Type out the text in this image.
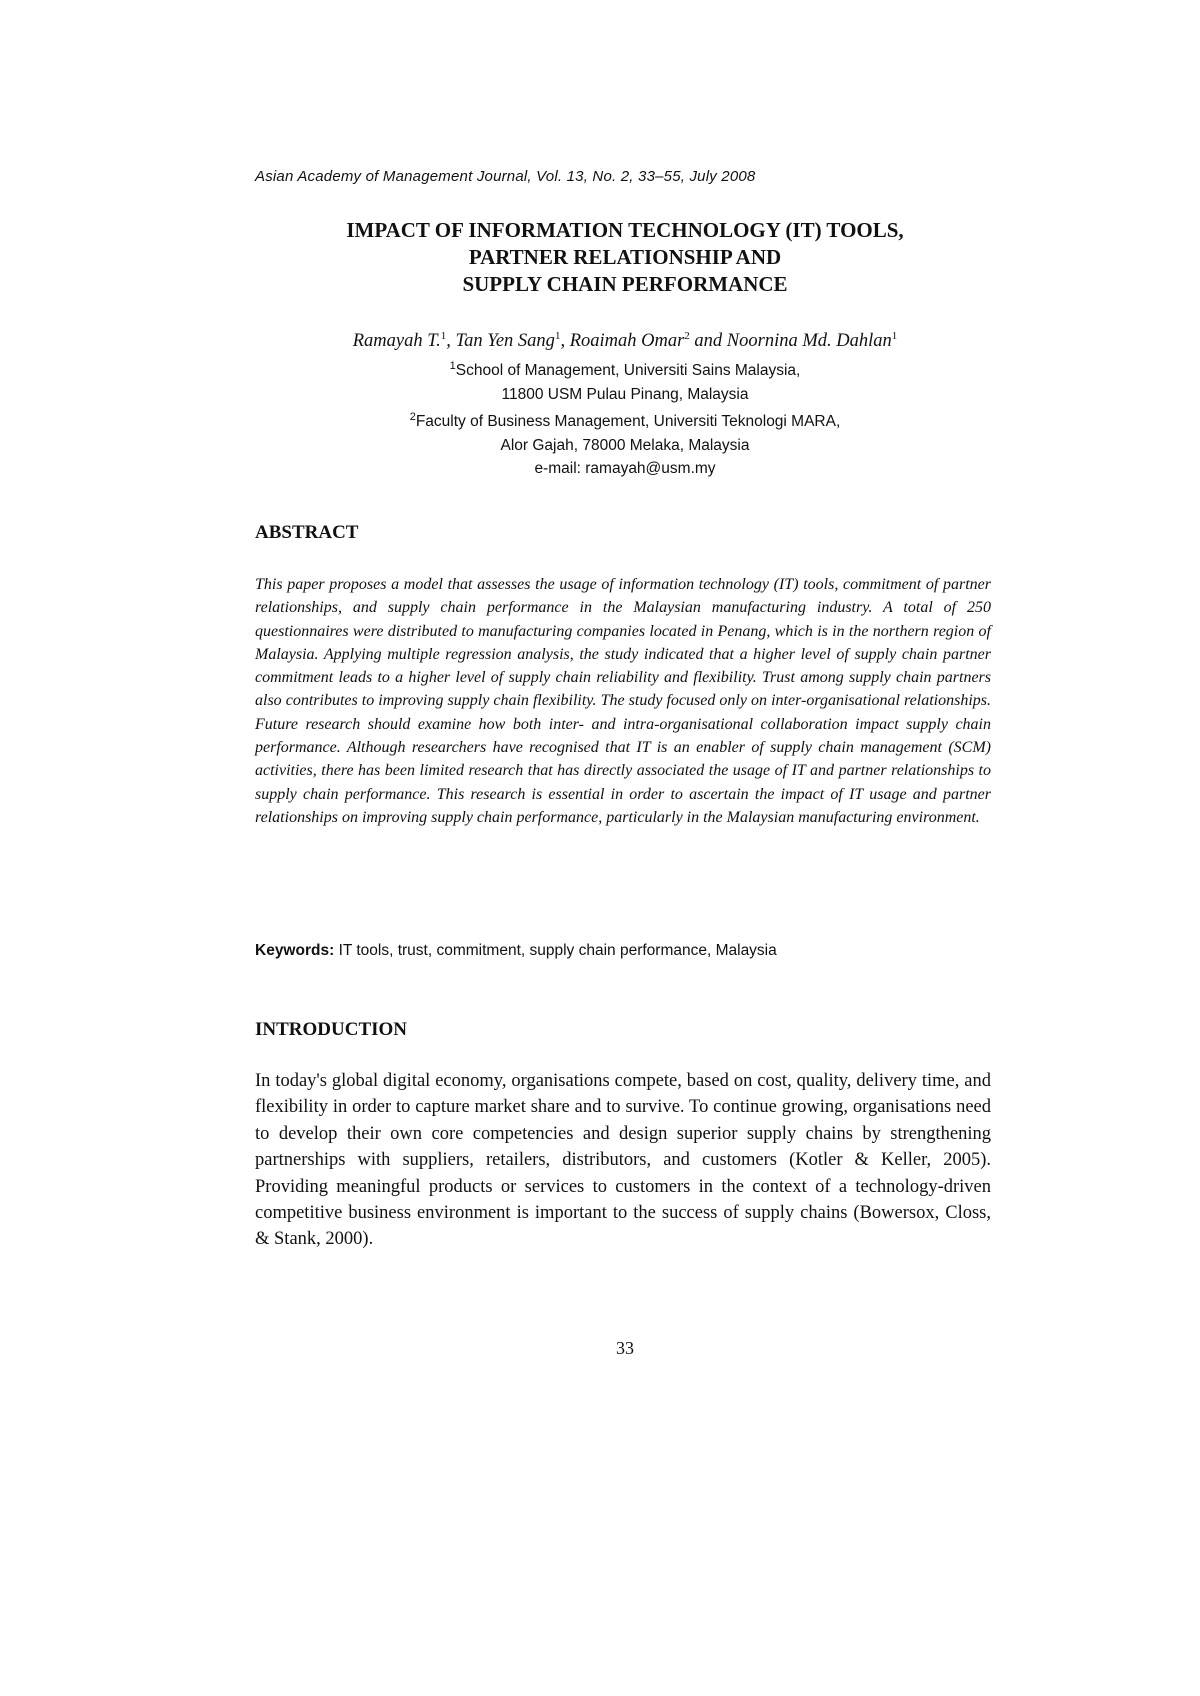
Asian Academy of Management Journal, Vol. 13, No. 2, 33–55, July 2008
IMPACT OF INFORMATION TECHNOLOGY (IT) TOOLS,
PARTNER RELATIONSHIP AND
SUPPLY CHAIN PERFORMANCE
Ramayah T.$^1$, Tan Yen Sang$^1$, Roaimah Omar$^2$ and Noornina Md. Dahlan$^1$
$^1$School of Management, Universiti Sains Malaysia,
11800 USM Pulau Pinang, Malaysia
$^2$Faculty of Business Management, Universiti Teknologi MARA,
Alor Gajah, 78000 Melaka, Malaysia
e-mail: ramayah@usm.my
ABSTRACT
This paper proposes a model that assesses the usage of information technology (IT) tools, commitment of partner relationships, and supply chain performance in the Malaysian manufacturing industry. A total of 250 questionnaires were distributed to manufacturing companies located in Penang, which is in the northern region of Malaysia. Applying multiple regression analysis, the study indicated that a higher level of supply chain partner commitment leads to a higher level of supply chain reliability and flexibility. Trust among supply chain partners also contributes to improving supply chain flexibility. The study focused only on inter-organisational relationships. Future research should examine how both inter- and intra-organisational collaboration impact supply chain performance. Although researchers have recognised that IT is an enabler of supply chain management (SCM) activities, there has been limited research that has directly associated the usage of IT and partner relationships to supply chain performance. This research is essential in order to ascertain the impact of IT usage and partner relationships on improving supply chain performance, particularly in the Malaysian manufacturing environment.
Keywords: IT tools, trust, commitment, supply chain performance, Malaysia
INTRODUCTION
In today's global digital economy, organisations compete, based on cost, quality, delivery time, and flexibility in order to capture market share and to survive. To continue growing, organisations need to develop their own core competencies and design superior supply chains by strengthening partnerships with suppliers, retailers, distributors, and customers (Kotler & Keller, 2005). Providing meaningful products or services to customers in the context of a technology-driven competitive business environment is important to the success of supply chains (Bowersox, Closs, & Stank, 2000).
33
